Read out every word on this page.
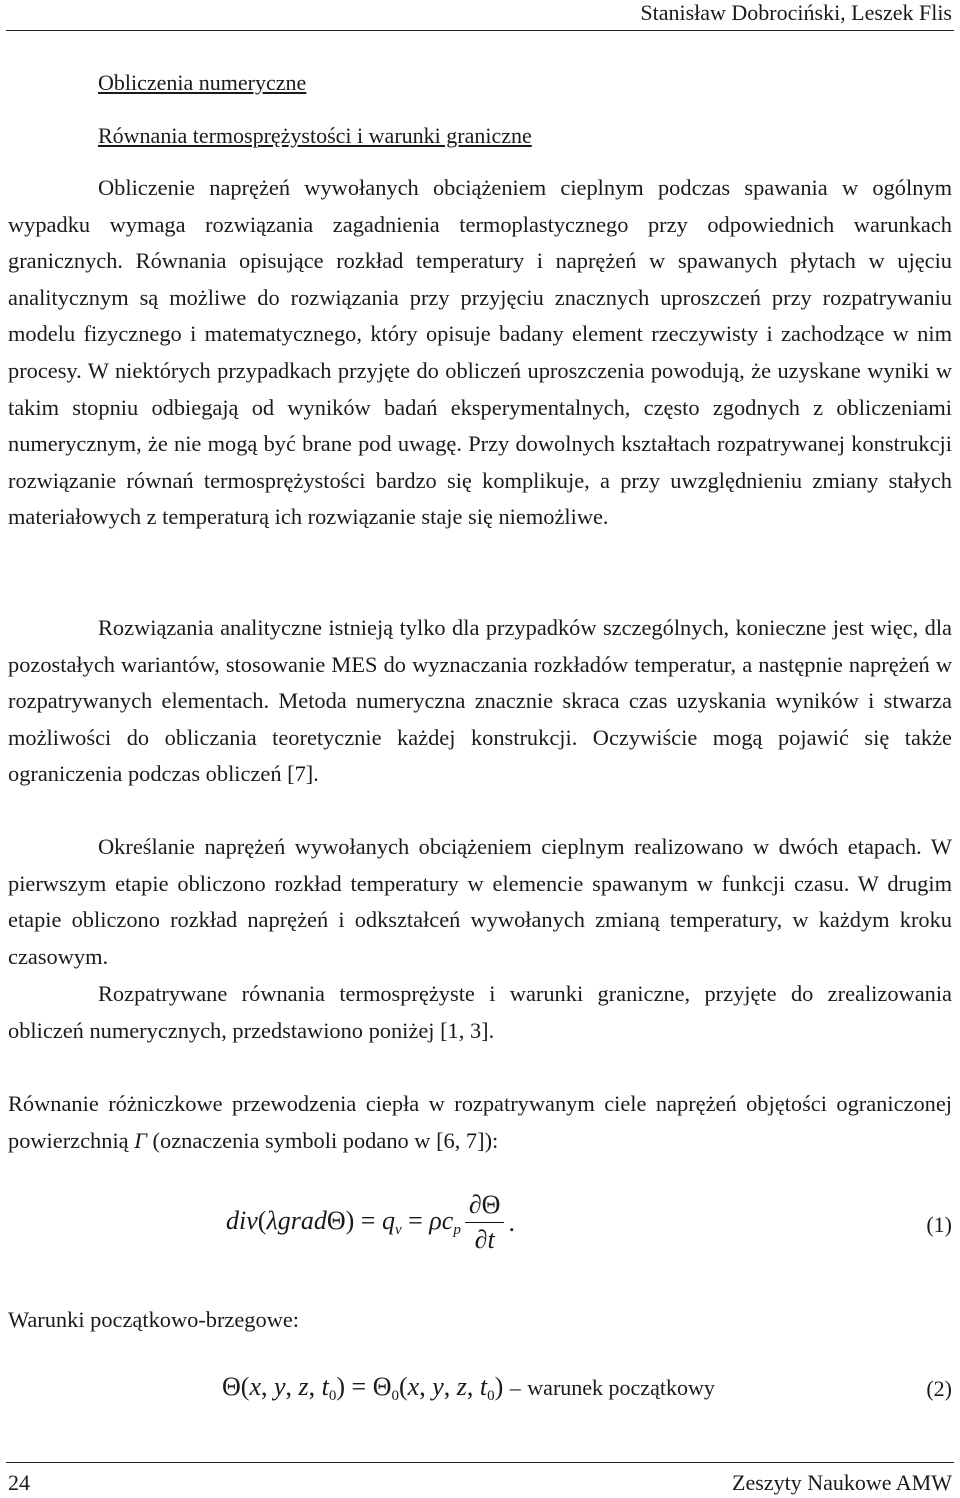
Stanisław Dobrociński, Leszek Flis
Obliczenia numeryczne
Równania termosprężystości i warunki graniczne

Obliczenie naprężeń wywołanych obciążeniem cieplnym podczas spawania w ogólnym wypadku wymaga rozwiązania zagadnienia termoplastycznego przy odpowiednich warunkach granicznych. Równania opisujące rozkład temperatury i naprężeń w spawanych płytach w ujęciu analitycznym są możliwe do rozwiązania przy przyjęciu znacznych uproszczeń przy rozpatrywaniu modelu fizycznego i matematycznego, który opisuje badany element rzeczywisty i zachodzące w nim procesy. W niektórych przypadkach przyjęte do obliczeń uproszczenia powodują, że uzyskane wyniki w takim stopniu odbiegają od wyników badań eksperymentalnych, często zgodnych z obliczeniami numerycznym, że nie mogą być brane pod uwagę. Przy dowolnych kształtach rozpatrywanej konstrukcji rozwiązanie równań termosprężystości bardzo się komplikuje, a przy uwzględnieniu zmiany stałych materiałowych z temperaturą ich rozwiązanie staje się niemożliwe.

Rozwiązania analityczne istnieją tylko dla przypadków szczególnych, konieczne jest więc, dla pozostałych wariantów, stosowanie MES do wyznaczania rozkładów temperatur, a następnie naprężeń w rozpatrywanych elementach. Metoda numeryczna znacznie skraca czas uzyskania wyników i stwarza możliwości do obliczania teoretycznie każdej konstrukcji. Oczywiście mogą pojawić się także ograniczenia podczas obliczeń [7].

Określanie naprężeń wywołanych obciążeniem cieplnym realizowano w dwóch etapach. W pierwszym etapie obliczono rozkład temperatury w elemencie spawanym w funkcji czasu. W drugim etapie obliczono rozkład naprężeń i odkształceń wywołanych zmianą temperatury, w każdym kroku czasowym.

Rozpatrywane równania termosprężyste i warunki graniczne, przyjęte do zrealizowania obliczeń numerycznych, przedstawiono poniżej [1, 3].

Równanie różniczkowe przewodzenia ciepła w rozpatrywanym ciele naprężeń objętości ograniczonej powierzchnią Γ (oznaczenia symboli podano w [6, 7]):

div(λgradΘ) = $q_v = \rho c_p \frac{\partial\Theta}{\partial t}$ .	(1)

Warunki początkowo-brzegowe:

Θ(x, y, z, $t_0) = \Theta_0(x$, y, z, $t_0$) – warunek początkowy	(2)
24	Zeszyty Naukowe AMW
